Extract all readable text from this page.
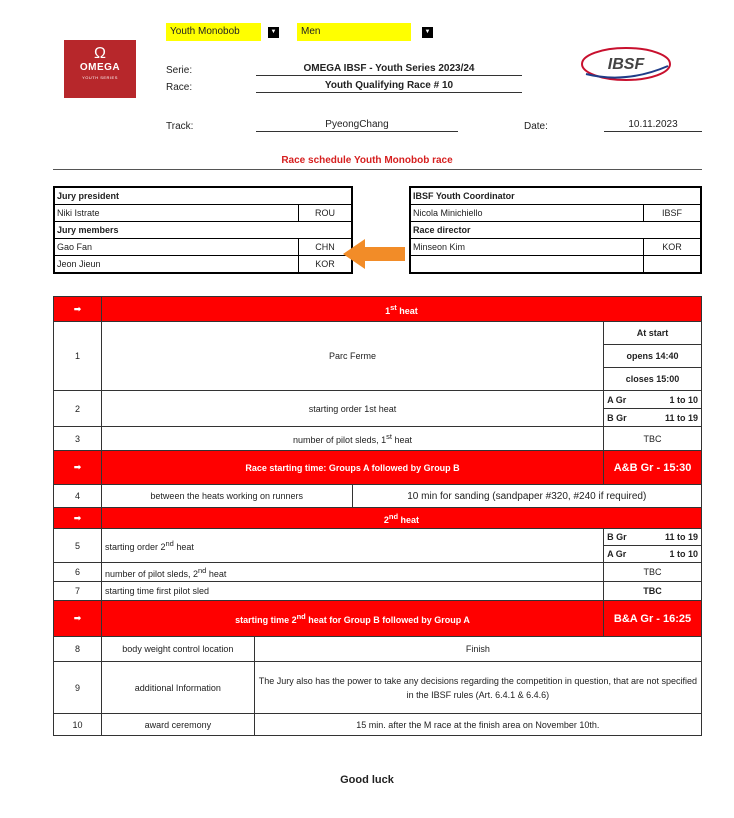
Ω
OMEGA
YOUTH SERIES
Youth Monobob	▼	Men	▼
IBSF
Serie:	OMEGA IBSF - Youth Series 2023/24
Race:	Youth Qualifying Race # 10
Track:	PyeongChang	Date:	10.11.2023
Race schedule Youth Monobob race
Jury president	
Niki Istrate	ROU
Jury members	
Gao Fan	CHN
Jeon Jieun	KOR
IBSF Youth Coordinator	
Nicola Minichiello	IBSF
Race director	
Minseon Kim	KOR

➡	1st heat			
1	Parc Ferme			At start
				opens 14:40
				closes 15:00
2	starting order 1st heat			A Gr 1 to 10

				B Gr 11 to 19

3	number of pilot sleds, 1st heat			TBC
➡	Race starting time: Groups A followed by Group B			A&B Gr - 15:30
4	between the heats working on runners		10 min for sanding (sandpaper #320, #240 if required)	
➡	2nd heat			
5	starting order 2nd heat			B Gr 11 to 19

				A Gr 1 to 10

6	number of pilot sleds, 2nd heat			TBC
7	starting time first pilot sled			TBC
➡	starting time 2nd heat for Group B followed by Group A			B&A Gr - 16:25
8	body weight control location	Finish		
9	additional Information	The Jury also has the power to take any decisions regarding the competition in question, that are not specified in the IBSF rules (Art. 6.4.1 & 6.4.6)		
10	award ceremony	15 min. after the M race at the finish area on November 10th.		
Good luck
